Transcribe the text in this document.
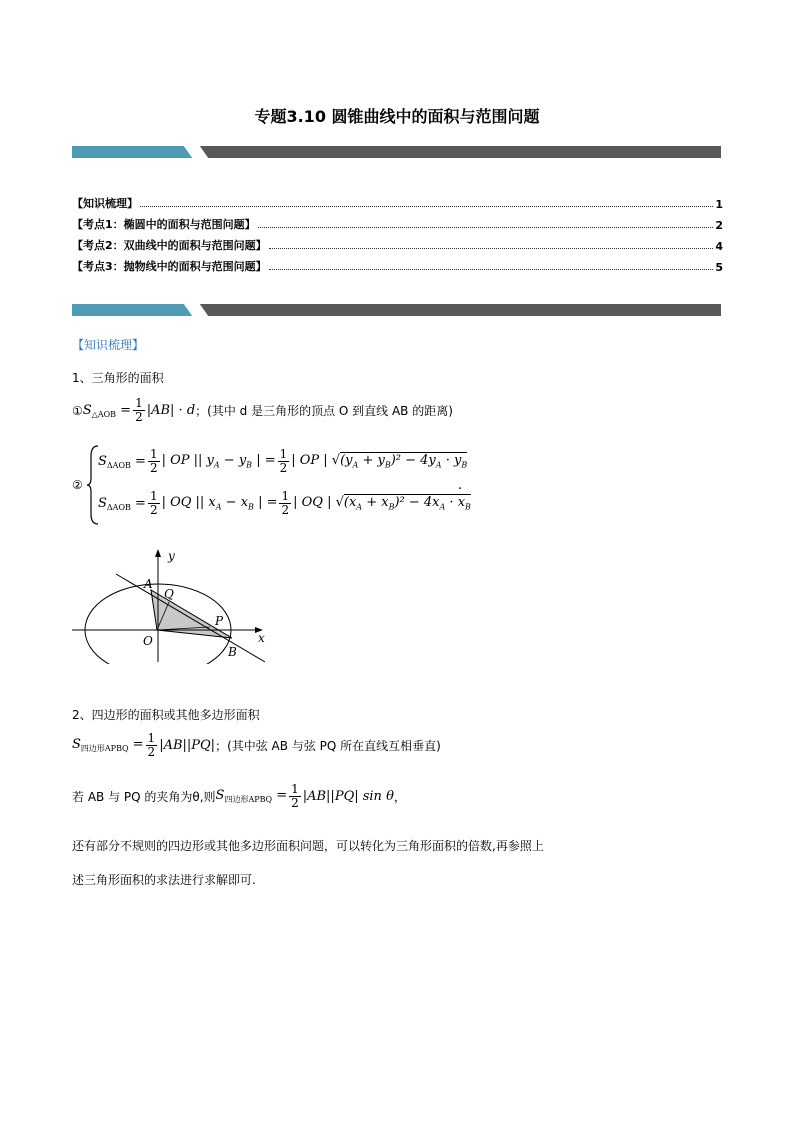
专题3.10 圆锥曲线中的面积与范围问题
【知识梳理】	1
【考点1：椭圆中的面积与范围问题】	2
【考点2：双曲线中的面积与范围问题】	4
【考点3：抛物线中的面积与范围问题】	5
【知识梳理】
1、三角形的面积
① $S_{\triangle AOB} = \frac{1}{2} |AB| \cdot d$ ；(其中 d 是三角形的顶点 O 到直线 AB 的距离)
②
$S_{\Delta AOB} = \frac{1}{2}$ | OP || $y_A - y_B$ | = $\frac{1}{2}$ | OP | $√(y_A + y_B)^2 - 4y_A \cdot y_B$
$S_{\Delta AOB} = \frac{1}{2}$ | OQ || $x_A - x_B$ | = $\frac{1}{2}$ | OQ | $√(x_A + x_B)^2 - 4x_A \cdot x_B$
.
y
x
O
A
Q
P
B
2、四边形的面积或其他多边形面积
$S_{四边形APBQ} = \frac{1}{2} |AB||PQ|$ ；(其中弦 AB 与弦 PQ 所在直线互相垂直)
若 AB 与 PQ 的夹角为θ,则 $S_{四边形APBQ} = \frac{1}{2} |AB||PQ|$ sin θ ，
还有部分不规则的四边形或其他多边形面积问题，可以转化为三角形面积的倍数,再参照上
述三角形面积的求法进行求解即可.
